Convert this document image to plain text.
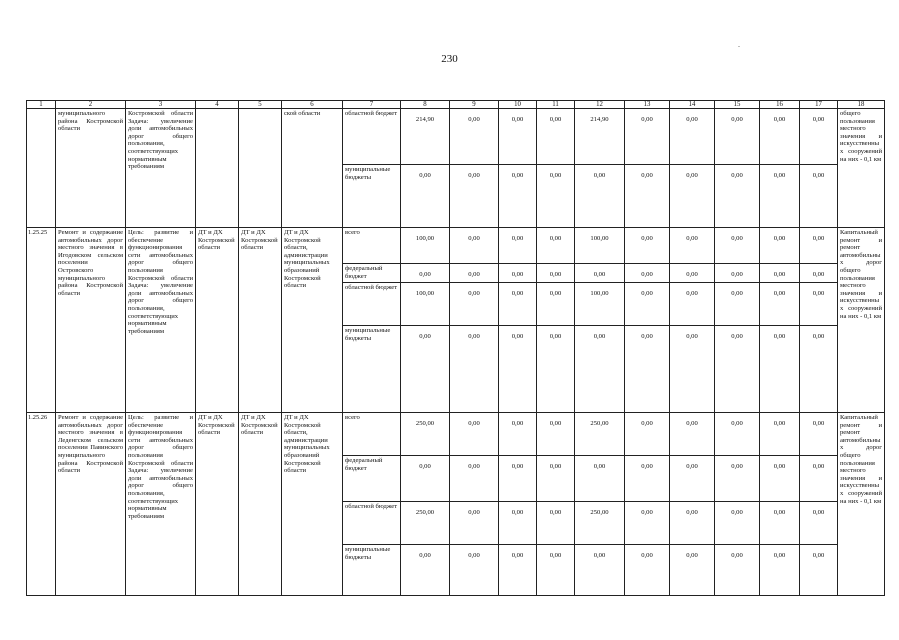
230
.
1	2	3	4	5	6	7	8	9	10	11	12	13	14	15	16	17	18
	муниципального района Костромской области	Костромской области Задача: увеличение доли автомобильных дорог общего пользования, соответствующих нормативным требованиям			ской области	областной бюджет	214,90	0,00	0,00	0,00	214,90	0,00	0,00	0,00	0,00	0,00	общего пользования местного значения и искусственных сооружений на них - 0,1 км
						муниципальные бюджеты	0,00	0,00	0,00	0,00	0,00	0,00	0,00	0,00	0,00	0,00	
1.25.25	Ремонт и содержание автомобильных дорог местного значения в Игодовском сельском поселении Островского муниципального района Костромской области	Цель: развитие и обеспечение функционирования сети автомобильных дорог общего пользования Костромской области Задача: увеличение доли автомобильных дорог общего пользования, соответствующих нормативным требованиям	ДТ и ДХ Костромской области	ДТ и ДХ Костромской области	ДТ и ДХ Костромской области, администрации муниципальных образований Костромской области	всего	100,00	0,00	0,00	0,00	100,00	0,00	0,00	0,00	0,00	0,00	Капитальный ремонт и ремонт автомобильных дорог общего пользования местного значения и искусственных сооружений на них - 0,1 км
						федеральный бюджет	0,00	0,00	0,00	0,00	0,00	0,00	0,00	0,00	0,00	0,00	
						областной бюджет	100,00	0,00	0,00	0,00	100,00	0,00	0,00	0,00	0,00	0,00	
						муниципальные бюджеты	0,00	0,00	0,00	0,00	0,00	0,00	0,00	0,00	0,00	0,00	
1.25.26	Ремонт и содержание автомобильных дорог местного значения в Леденгском сельском поселении Павинского муниципального района Костромской области	Цель: развитие и обеспечение функционирования сети автомобильных дорог общего пользования Костромской области Задача: увеличение доли автомобильных дорог общего пользования, соответствующих нормативным требованиям	ДТ и ДХ Костромской области	ДТ и ДХ Костромской области	ДТ и ДХ Костромской области, администрации муниципальных образований Костромской области	всего	250,00	0,00	0,00	0,00	250,00	0,00	0,00	0,00	0,00	0,00	Капитальный ремонт и ремонт автомобильных дорог общего пользования местного значения и искусственных сооружений на них - 0,1 км
						федеральный бюджет	0,00	0,00	0,00	0,00	0,00	0,00	0,00	0,00	0,00	0,00	
						областной бюджет	250,00	0,00	0,00	0,00	250,00	0,00	0,00	0,00	0,00	0,00	
						муниципальные бюджеты	0,00	0,00	0,00	0,00	0,00	0,00	0,00	0,00	0,00	0,00	
